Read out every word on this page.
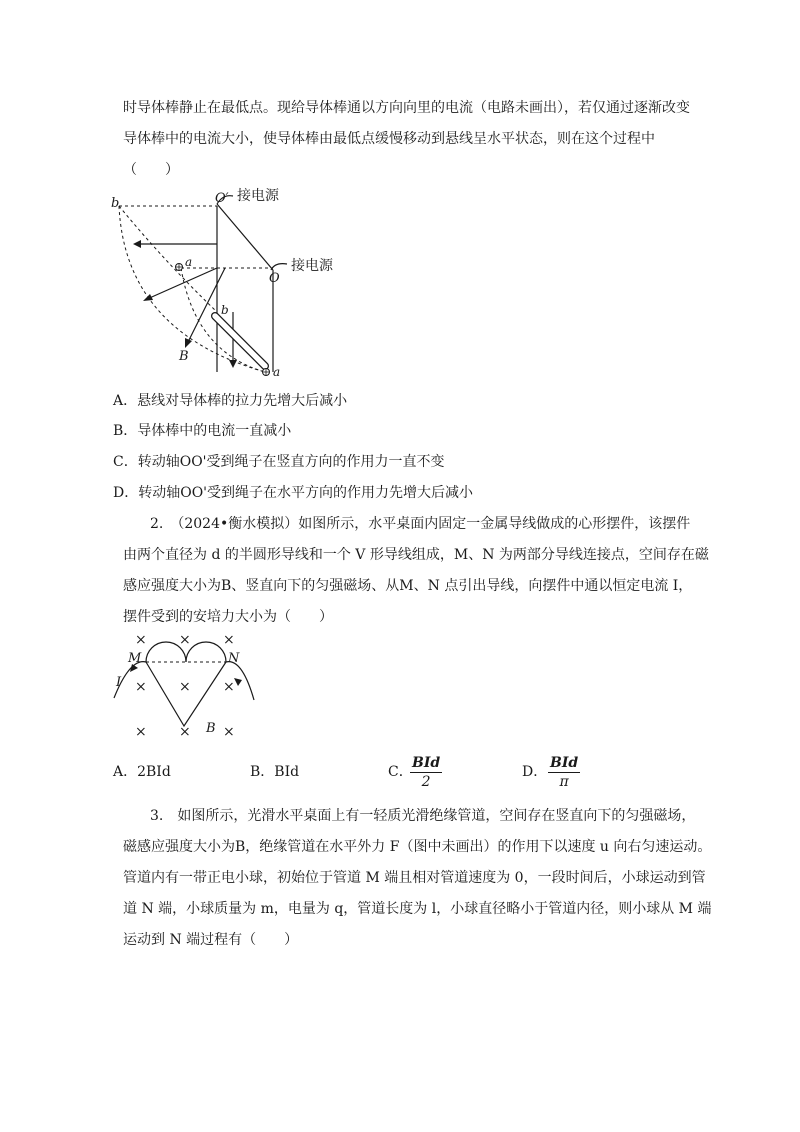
时导体棒静止在最低点。现给导体棒通以方向向里的电流（电路未画出），若仅通过逐渐改变
导体棒中的电流大小，使导体棒由最低点缓慢移动到悬线呈水平状态，则在这个过程中
（　　）
b	O′ 接电源
O
接电源
a
b
B
a
A．悬线对导体棒的拉力先增大后减小
B．导体棒中的电流一直减小
C．转动轴OO'受到绳子在竖直方向的作用力一直不变
D．转动轴OO'受到绳子在水平方向的作用力先增大后减小
2.　（2024•衡水模拟）如图所示，水平桌面内固定一金属导线做成的心形摆件，该摆件
由两个直径为 d 的半圆形导线和一个 V 形导线组成，M、N 为两部分导线连接点，空间存在磁
感应强度大小为B、竖直向下的匀强磁场、从M、N 点引出导线，向摆件中通以恒定电流 I，
摆件受到的安培力大小为（　　）
× × ×
× × ×
× × ×
M	N
I
B
A．2BId	B．BId	C．
BId
2
D．
BId
π
3.　如图所示，光滑水平桌面上有一轻质光滑绝缘管道，空间存在竖直向下的匀强磁场，
磁感应强度大小为B，绝缘管道在水平外力 F（图中未画出）的作用下以速度 u 向右匀速运动。
管道内有一带正电小球，初始位于管道 M 端且相对管道速度为 0，一段时间后，小球运动到管
道 N 端，小球质量为 m，电量为 q，管道长度为 l，小球直径略小于管道内径，则小球从 M 端
运动到 N 端过程有（　　）
